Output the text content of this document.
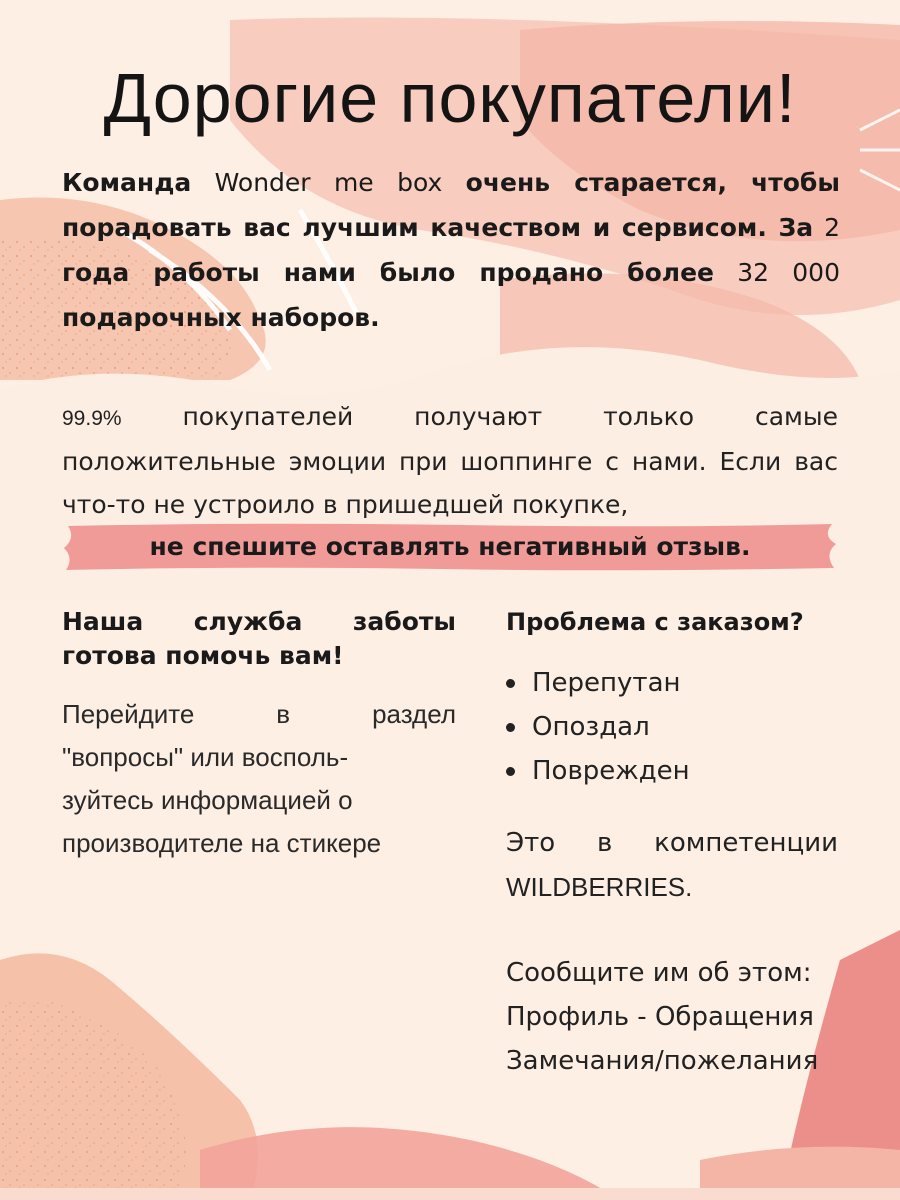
Дорогие покупатели!
Команда Wonder me box очень старается, чтобы порадовать вас лучшим качеством и сервисом. За 2 года работы нами было продано более 32 000 подарочных наборов.
99.9% покупателей получают только самые положительные эмоции при шоппинге с нами. Если вас что-то не устроило в пришедшей покупке,
не спешите оставлять негативный отзыв.
Наша служба заботы
готова помочь вам!
Перейдите в раздел
"вопросы" или восполь-
зуйтесь информацией о
производителе на стикере
Проблема с заказом?
Перепутан
Опоздал
Поврежден
Это в компетенции
WILDBERRIES.
Сообщите им об этом:
Профиль - Обращения
Замечания/пожелания
